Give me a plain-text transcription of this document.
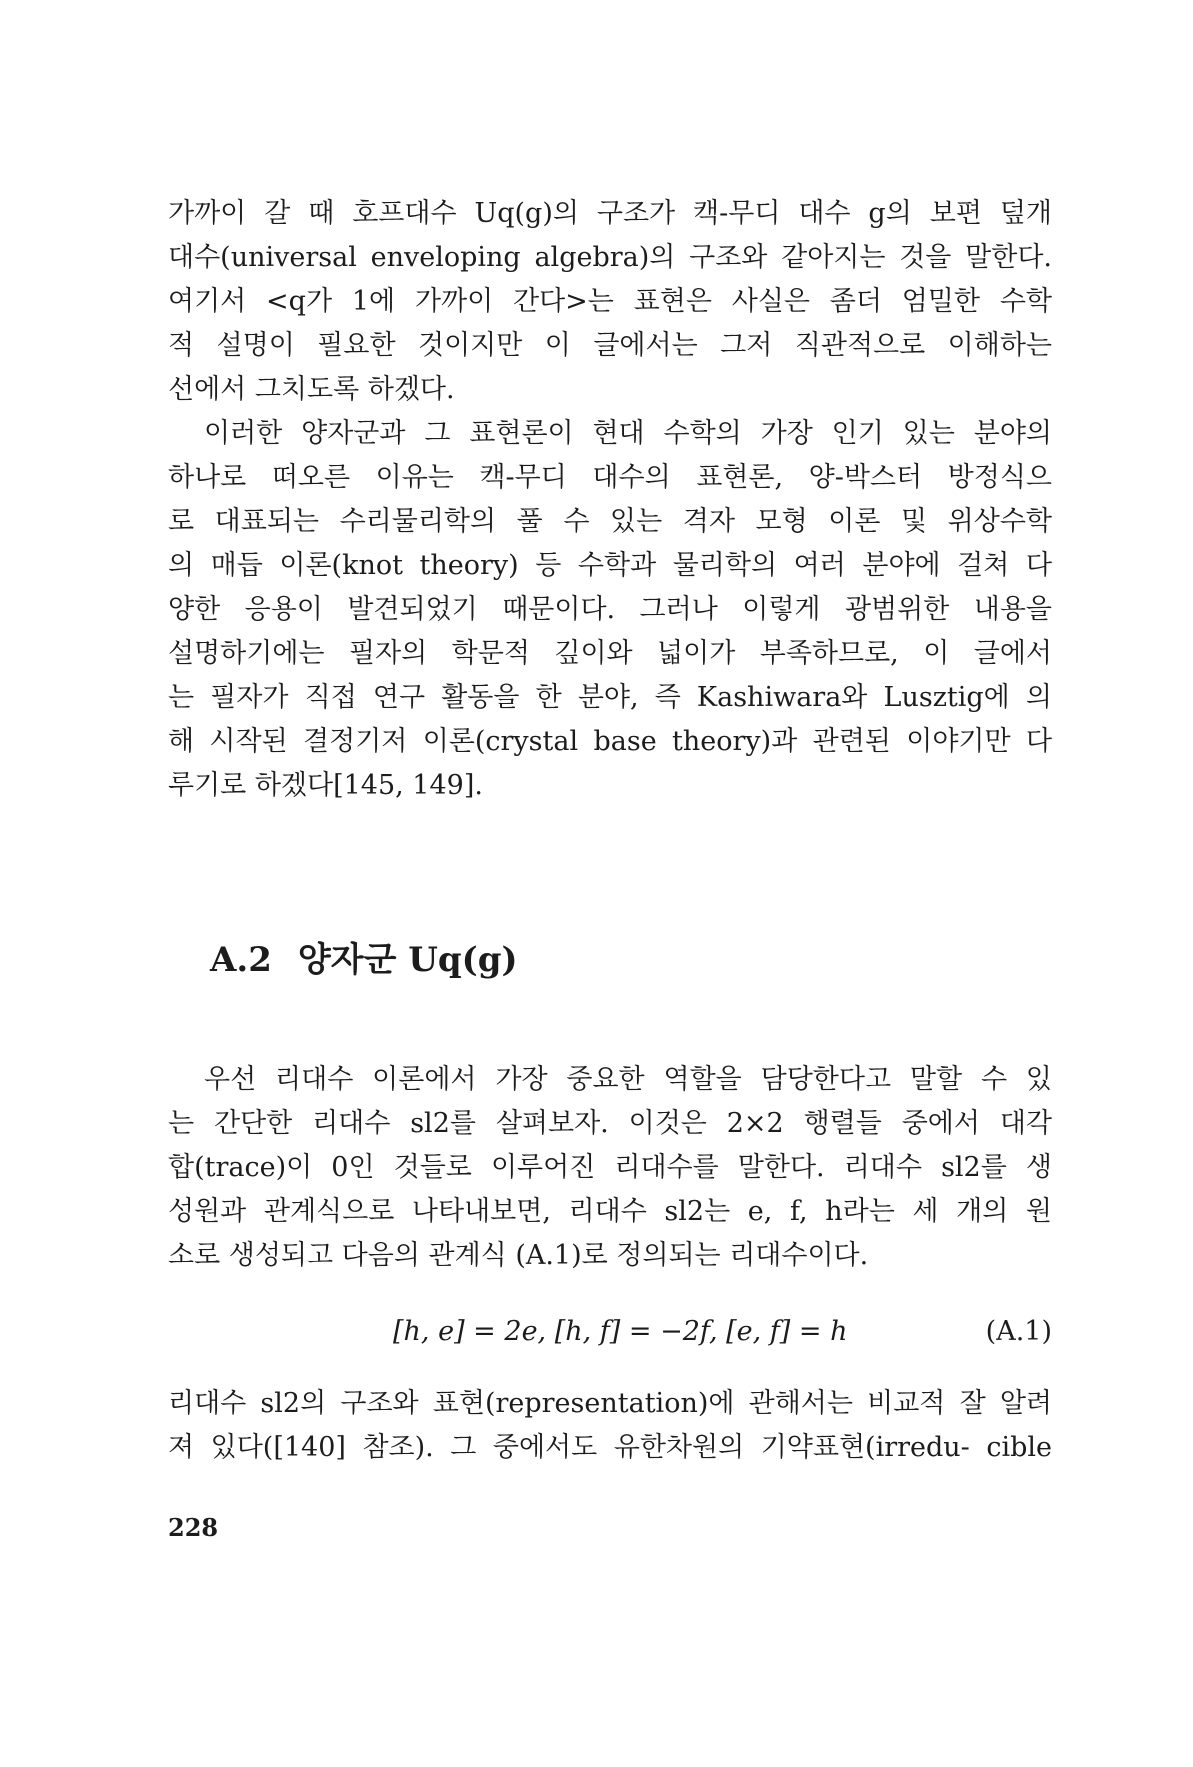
가까이 갈 때 호프대수 Uq(g)의 구조가 캑-무디 대수 g의 보편 덮개
대수(universal enveloping algebra)의 구조와 같아지는 것을 말한다.
여기서 <q가 1에 가까이 간다>는 표현은 사실은 좀더 엄밀한 수학
적 설명이 필요한 것이지만 이 글에서는 그저 직관적으로 이해하는
선에서 그치도록 하겠다.
이러한 양자군과 그 표현론이 현대 수학의 가장 인기 있는 분야의
하나로 떠오른 이유는 캑-무디 대수의 표현론, 양-박스터 방정식으
로 대표되는 수리물리학의 풀 수 있는 격자 모형 이론 및 위상수학
의 매듭 이론(knot theory) 등 수학과 물리학의 여러 분야에 걸쳐 다
양한 응용이 발견되었기 때문이다. 그러나 이렇게 광범위한 내용을
설명하기에는 필자의 학문적 깊이와 넓이가 부족하므로, 이 글에서
는 필자가 직접 연구 활동을 한 분야, 즉 Kashiwara와 Lusztig에 의
해 시작된 결정기저 이론(crystal base theory)과 관련된 이야기만 다
루기로 하겠다[145, 149].
A.2 양자군 Uq(g)
우선 리대수 이론에서 가장 중요한 역할을 담당한다고 말할 수 있
는 간단한 리대수 sl2를 살펴보자. 이것은 2×2 행렬들 중에서 대각
합(trace)이 0인 것들로 이루어진 리대수를 말한다. 리대수 sl2를 생
성원과 관계식으로 나타내보면, 리대수 sl2는 e, f, h라는 세 개의 원
소로 생성되고 다음의 관계식 (A.1)로 정의되는 리대수이다.
[h, e] = 2e, [h, f] = −2f, [e, f] = h	(A.1)
리대수 sl2의 구조와 표현(representation)에 관해서는 비교적 잘 알려
져 있다([140] 참조). 그 중에서도 유한차원의 기약표현(irredu- cible
228
